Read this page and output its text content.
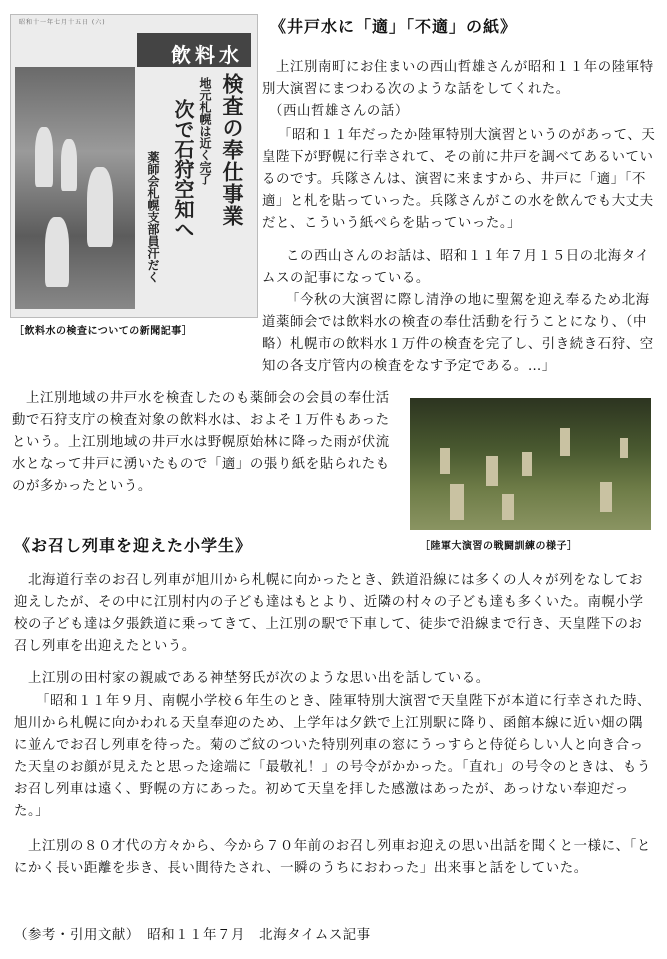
《井戸水に「適」「不適」の紙》
昭和十一年七月十五日 (六)
飲料水
検査の奉仕事業
地元札幌は近く完了
次で石狩空知へ
薬師会札幌支部員汗だく
［飲料水の検査についての新聞記事］
上江別南町にお住まいの西山哲雄さんが昭和１１年の陸軍特別大演習にまつわる次のような話をしてくれた。
（西山哲雄さんの話）
「昭和１１年だったか陸軍特別大演習というのがあって、天皇陛下が野幌に行幸されて、その前に井戸を調べてあるいているのです。兵隊さんは、演習に来ますから、井戸に「適」「不適」と札を貼っていった。兵隊さんがこの水を飲んでも大丈夫だと、こういう紙ぺらを貼っていった。」
この西山さんのお話は、昭和１１年７月１５日の北海タイムスの記事になっている。
「今秋の大演習に際し清浄の地に聖駕を迎え奉るため北海道薬師会では飲料水の検査の奉仕活動を行うことになり、（中略）札幌市の飲料水１万件の検査を完了し、引き続き石狩、空知の各支庁管内の検査をなす予定である。…」
上江別地域の井戸水を検査したのも薬師会の会員の奉仕活動で石狩支庁の検査対象の飲料水は、およそ１万件もあったという。上江別地域の井戸水は野幌原始林に降った雨が伏流水となって井戸に湧いたもので「適」の張り紙を貼られたものが多かったという。
［陸軍大演習の戦闘訓練の様子］
《お召し列車を迎えた小学生》
北海道行幸のお召し列車が旭川から札幌に向かったとき、鉄道沿線には多くの人々が列をなしてお迎えしたが、その中に江別村内の子ども達はもとより、近隣の村々の子ども達も多くいた。南幌小学校の子ども達は夕張鉄道に乗ってきて、上江別の駅で下車して、徒歩で沿線まで行き、天皇陛下のお召し列車を出迎えたという。
上江別の田村家の親戚である神埜努氏が次のような思い出を話している。
「昭和１１年９月、南幌小学校６年生のとき、陸軍特別大演習で天皇陛下が本道に行幸された時、旭川から札幌に向かわれる天皇奉迎のため、上学年は夕鉄で上江別駅に降り、函館本線に近い畑の隅に並んでお召し列車を待った。菊のご紋のついた特別列車の窓にうっすらと侍従らしい人と向き合った天皇のお顔が見えたと思った途端に「最敬礼！」の号令がかかった。「直れ」の号令のときは、もうお召し列車は遠く、野幌の方にあった。初めて天皇を拝した感激はあったが、あっけない奉迎だった。」
上江別の８０才代の方々から、今から７０年前のお召し列車お迎えの思い出話を聞くと一様に、「とにかく長い距離を歩き、長い間待たされ、一瞬のうちにおわった」出来事と話をしていた。
（参考・引用文献）　昭和１１年７月　北海タイムス記事
